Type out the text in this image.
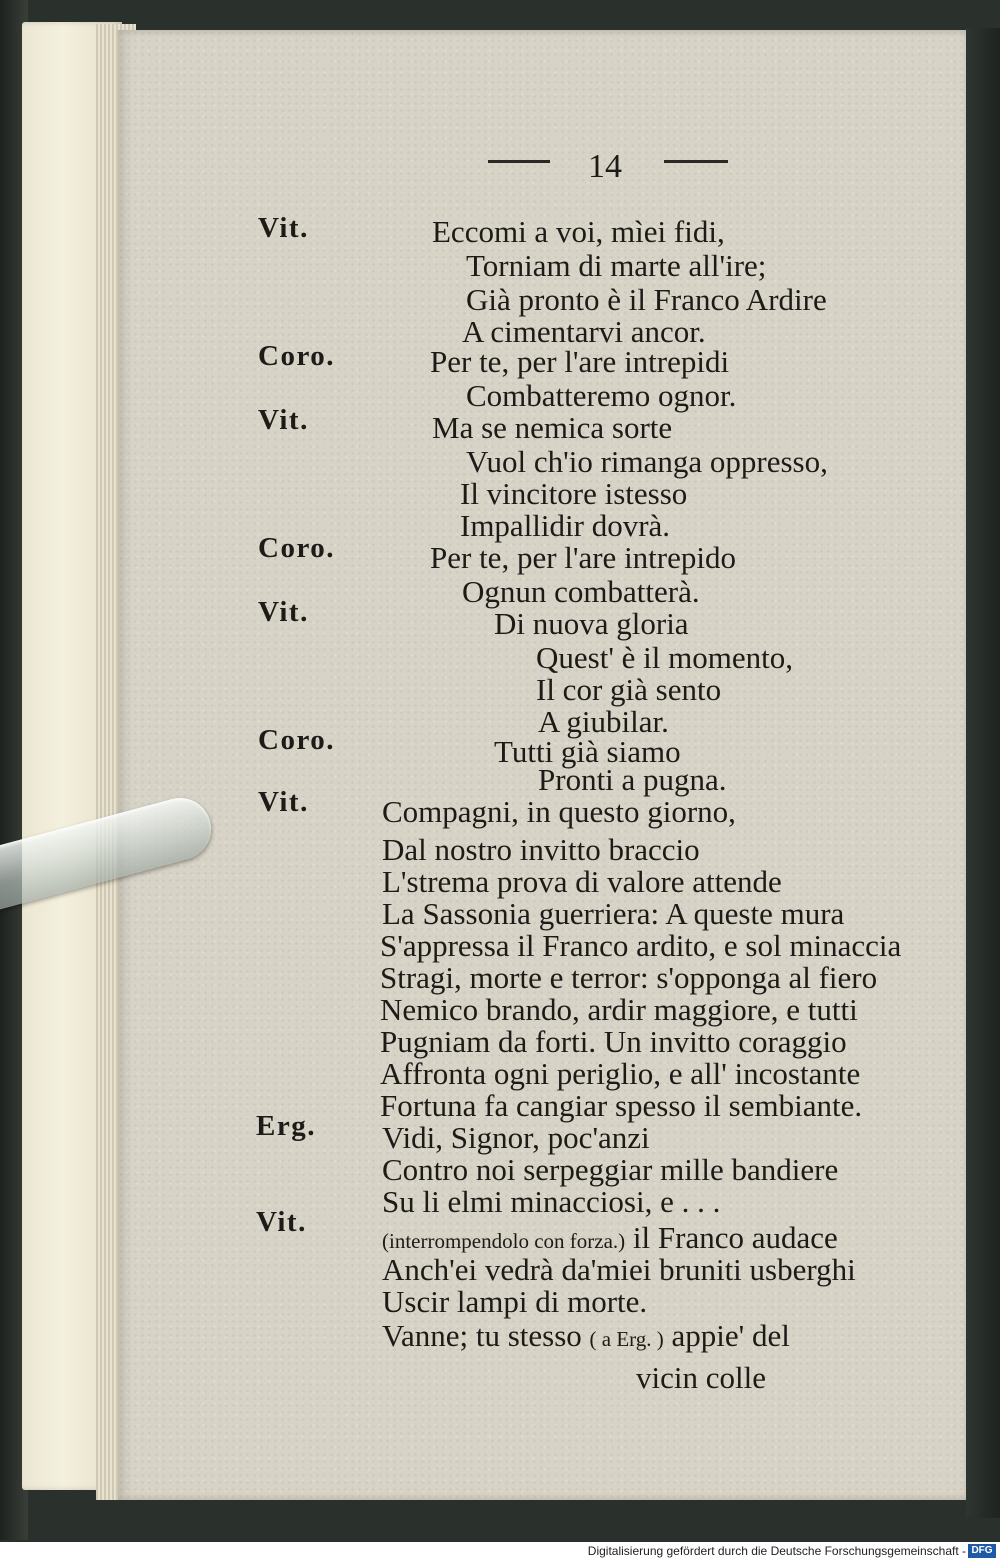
14
Vit.
Coro.
Vit.
Coro.
Vit.
Coro.
Vit.
Erg.
Vit.
Eccomi a voi, mìei fidi,
Torniam di marte all'ire;
Già pronto è il Franco Ardire
A cimentarvi ancor.
Per te, per l'are intrepidi
Combatteremo ognor.
Ma se nemica sorte
Vuol ch'io rimanga oppresso,
Il vincitore istesso
Impallidir dovrà.
Per te, per l'are intrepido
Ognun combatterà.
Di nuova gloria
Quest' è il momento,
Il cor già sento
A giubilar.
Tutti già siamo
Pronti a pugna.
Compagni, in questo giorno,
Dal nostro invitto braccio
L'strema prova di valore attende
La Sassonia guerriera: A queste mura
S'appressa il Franco ardito, e sol minaccia
Stragi, morte e terror: s'opponga al fiero
Nemico brando, ardir maggiore, e tutti
Pugniam da forti. Un invitto coraggio
Affronta ogni periglio, e all' incostante
Fortuna fa cangiar spesso il sembiante.
Vidi, Signor, poc'anzi
Contro noi serpeggiar mille bandiere
Su li elmi minacciosi, e . . .
(interrompendolo con forza.) il Franco audace
Anch'ei vedrà da'miei bruniti usberghi
Uscir lampi di morte.
Vanne; tu stesso ( a Erg. ) appie' del
vicin colle
Digitalisierung gefördert durch die Deutsche Forschungsgemeinschaft - DFG
